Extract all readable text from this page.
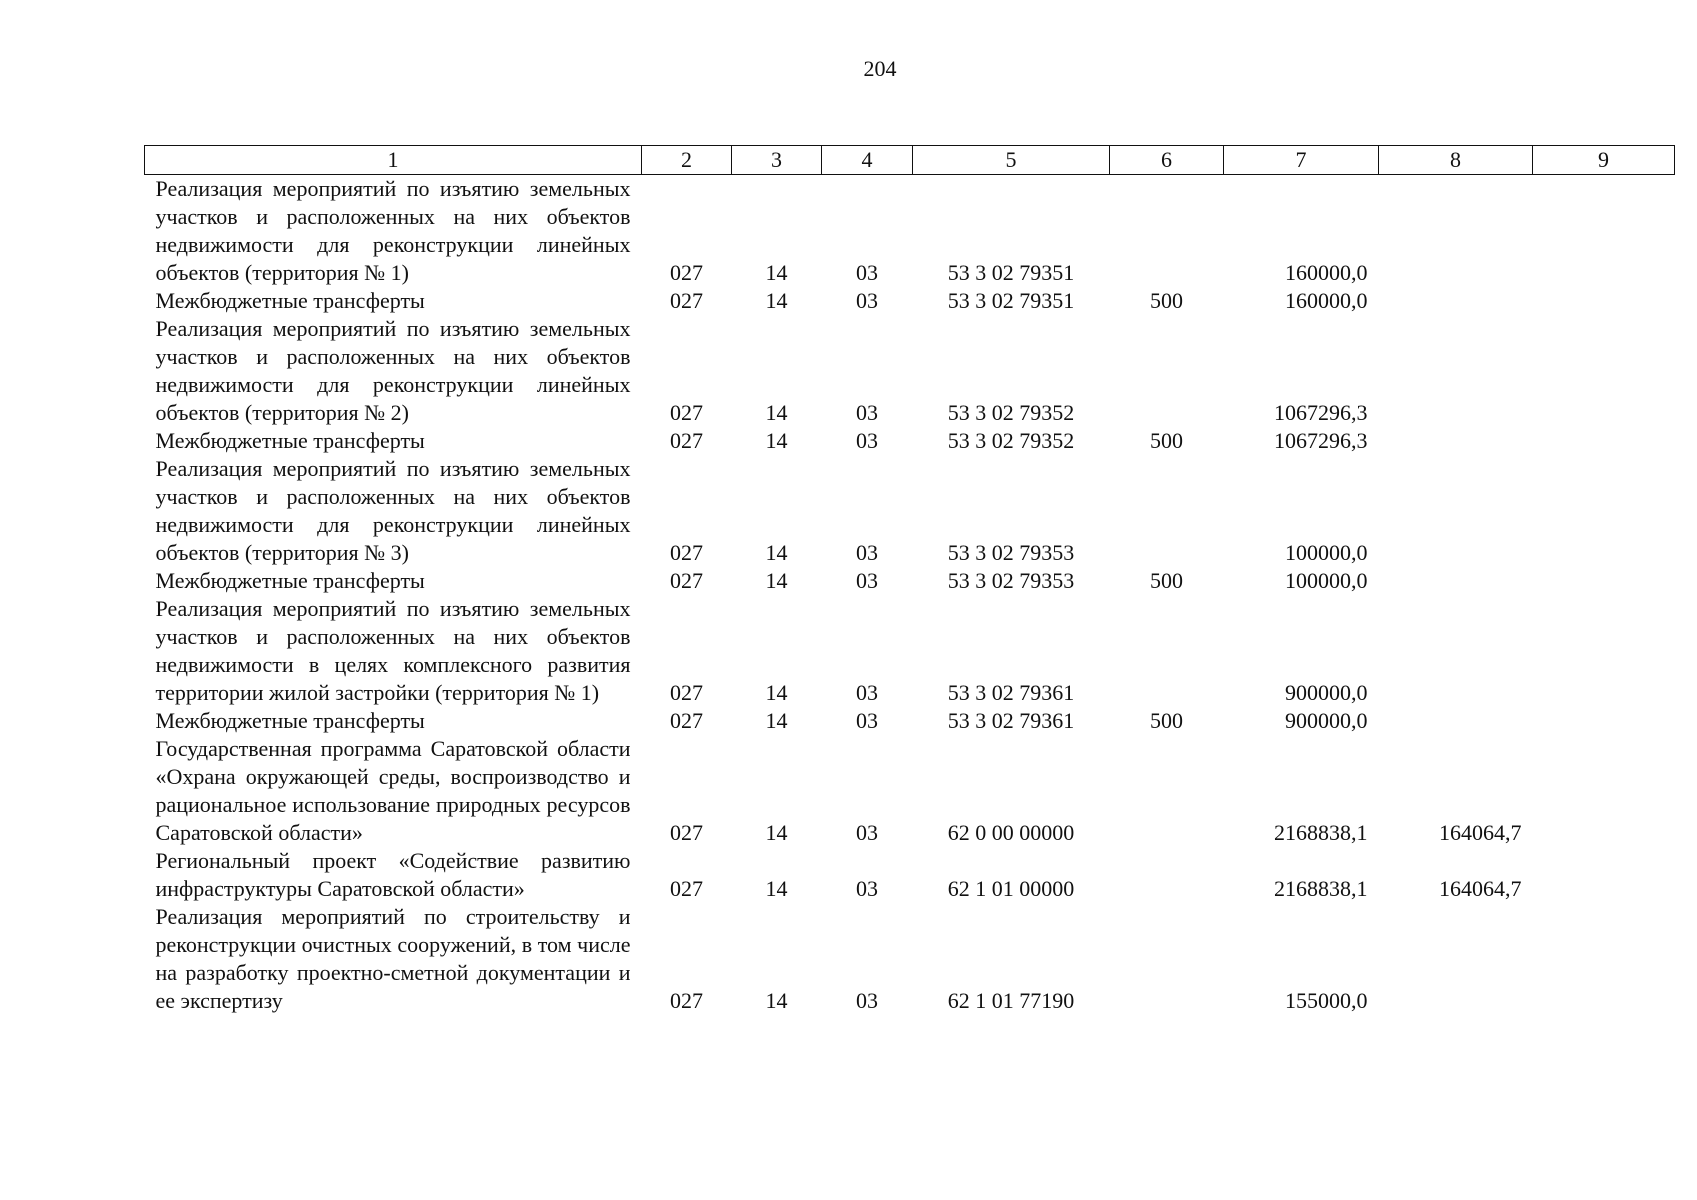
204
1	2	3	4	5	6	7	8	9
Реализация мероприятий по изъятию земельных участков и расположенных на них объектов недвижимости для реконструкции линейных объектов (территория № 1)	027	14	03	53 3 02 79351		160000,0		
Межбюджетные трансферты	027	14	03	53 3 02 79351	500	160000,0		
Реализация мероприятий по изъятию земельных участков и расположенных на них объектов недвижимости для реконструкции линейных объектов (территория № 2)	027	14	03	53 3 02 79352		1067296,3		
Межбюджетные трансферты	027	14	03	53 3 02 79352	500	1067296,3		
Реализация мероприятий по изъятию земельных участков и расположенных на них объектов недвижимости для реконструкции линейных объектов (территория № 3)	027	14	03	53 3 02 79353		100000,0		
Межбюджетные трансферты	027	14	03	53 3 02 79353	500	100000,0		
Реализация мероприятий по изъятию земельных участков и расположенных на них объектов недвижимости в целях комплексного развития территории жилой застройки (территория № 1)	027	14	03	53 3 02 79361		900000,0		
Межбюджетные трансферты	027	14	03	53 3 02 79361	500	900000,0		
Государственная программа Саратовской области «Охрана окружающей среды, воспроизводство и рациональное использование природных ресурсов Саратовской области»	027	14	03	62 0 00 00000		2168838,1	164064,7	
Региональный проект «Содействие развитию инфраструктуры Саратовской области»	027	14	03	62 1 01 00000		2168838,1	164064,7	
Реализация мероприятий по строительству и реконструкции очистных сооружений, в том числе на разработку проектно-сметной документации и ее экспертизу	027	14	03	62 1 01 77190		155000,0		
